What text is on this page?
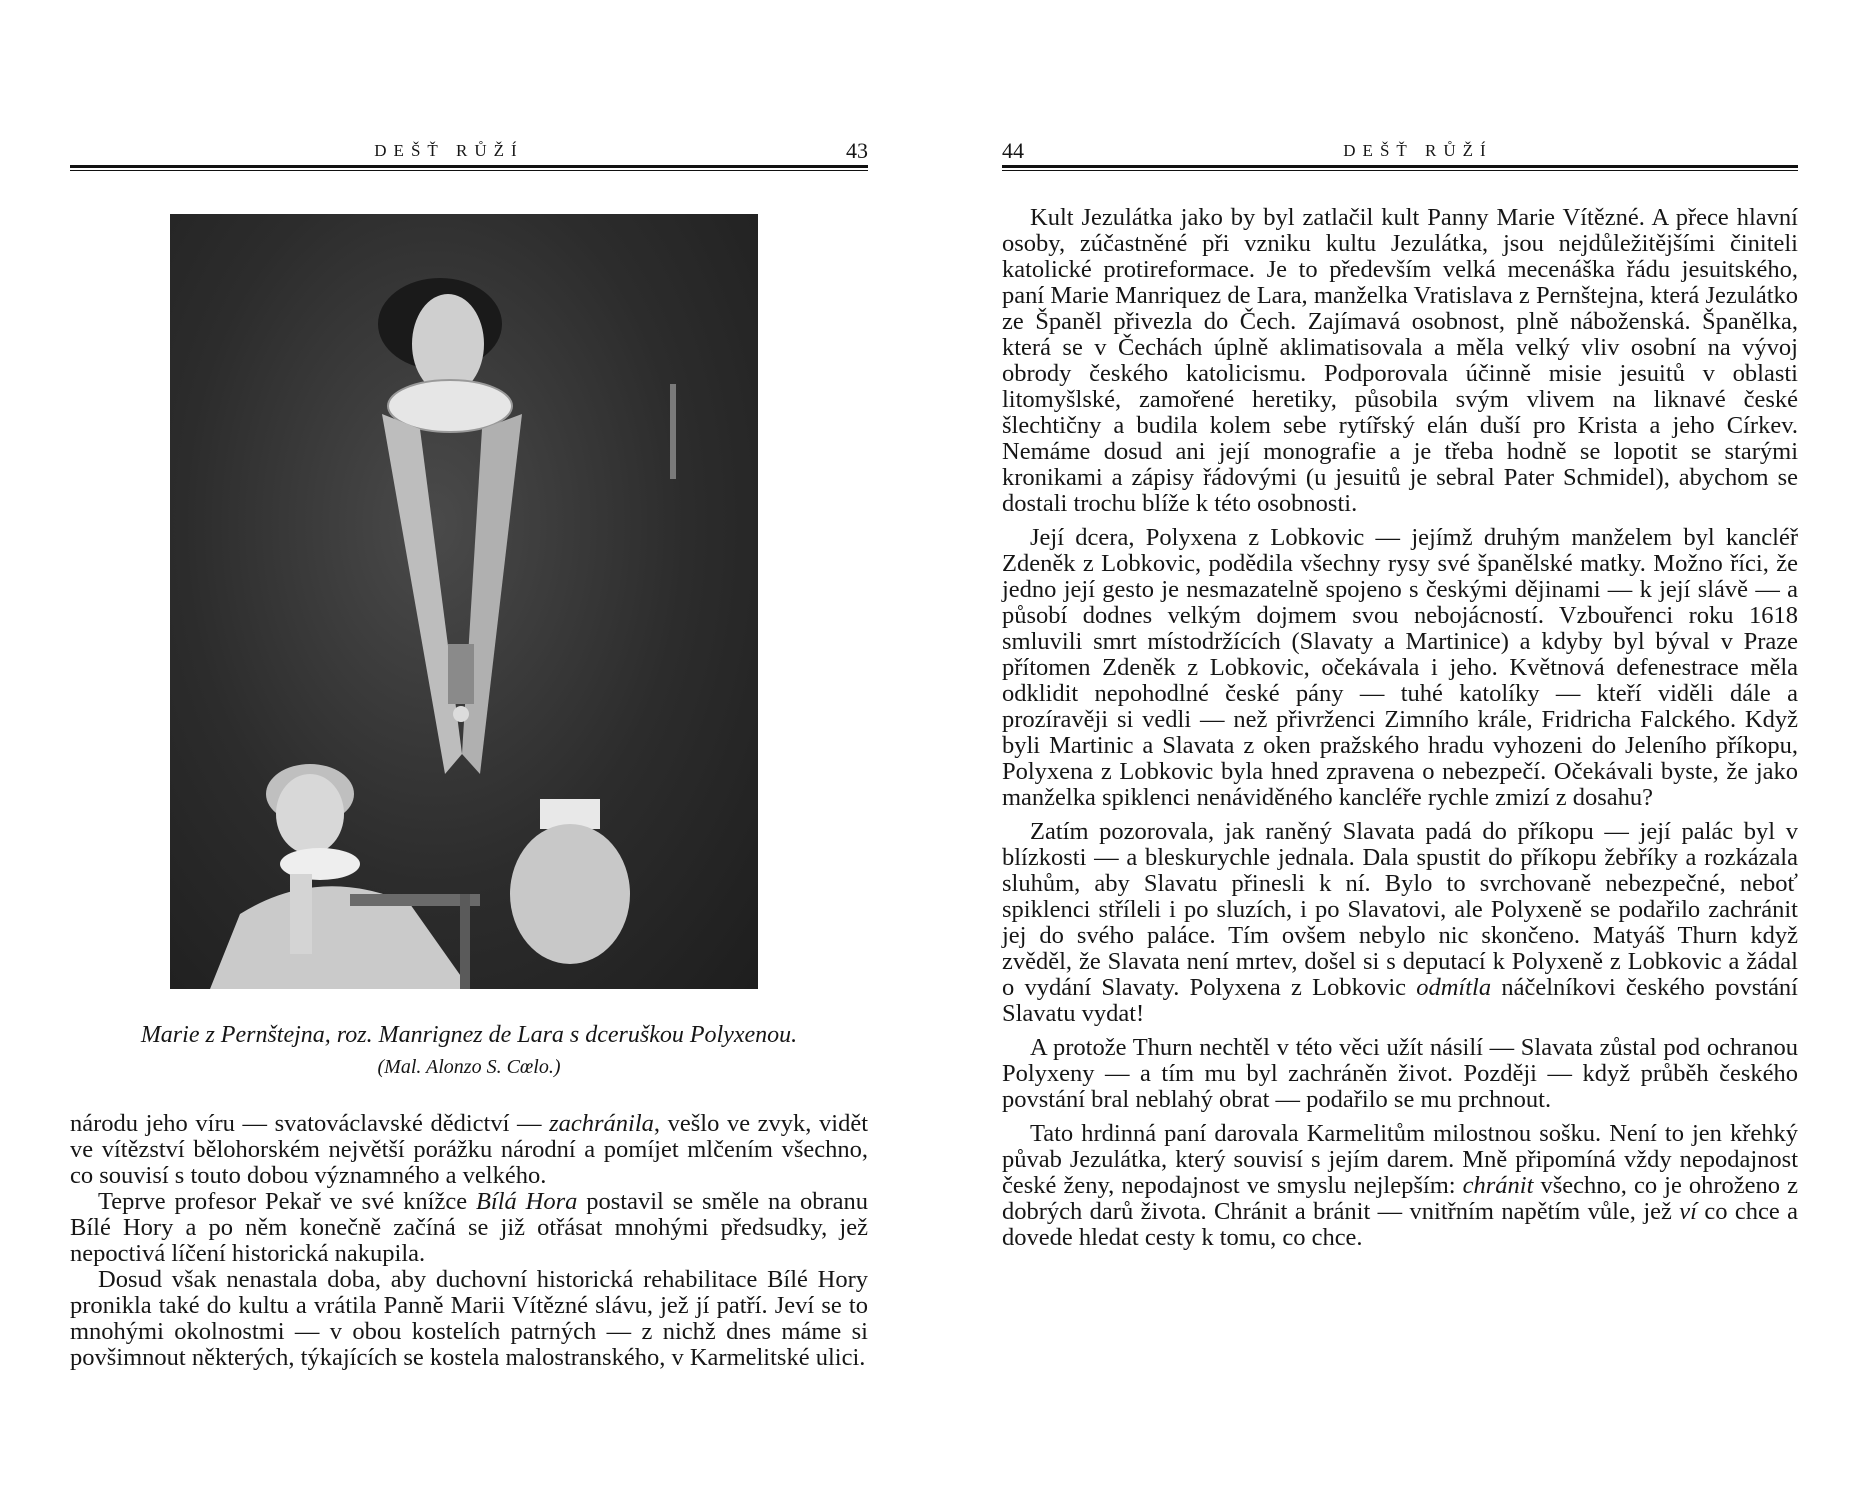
DEŠŤ RŮŽÍ	43
Marie z Pernštejna, roz. Manrignez de Lara s dceruškou Polyxenou.
(Mal. Alonzo S. Cœlo.)

národu jeho víru — svatováclavské dědictví — zachránila, vešlo ve zvyk, vidět ve vítězství bělohorském největší porážku národní a pomíjet mlčením všechno, co souvisí s touto dobou významného a velkého.

Teprve profesor Pekař ve své knížce Bílá Hora postavil se směle na obranu Bílé Hory a po něm konečně začíná se již otřásat mnohými předsudky, jež nepoctivá líčení historická nakupila.

Dosud však nenastala doba, aby duchovní historická rehabilitace Bílé Hory pronikla také do kultu a vrátila Panně Marii Vítězné slávu, jež jí patří. Jeví se to mnohými okolnostmi — v obou kostelích patrných — z nichž dnes máme si povšimnout některých, týkajících se kostela malostranského, v Karmelitské ulici.

44	DEŠŤ RŮŽÍ

Kult Jezulátka jako by byl zatlačil kult Panny Marie Vítězné. A přece hlavní osoby, zúčastněné při vzniku kultu Jezulátka, jsou nejdůležitějšími činiteli katolické protireformace. Je to především velká mecenáška řádu jesuitského, paní Marie Manriquez de Lara, manželka Vratislava z Pernštejna, která Jezulátko ze Španěl přivezla do Čech. Zajímavá osobnost, plně náboženská. Španělka, která se v Čechách úplně aklimatisovala a měla velký vliv osobní na vývoj obrody českého katolicismu. Podporovala účinně misie jesuitů v oblasti litomyšlské, zamořené heretiky, působila svým vlivem na liknavé české šlechtičny a budila kolem sebe rytířský elán duší pro Krista a jeho Církev. Nemáme dosud ani její monografie a je třeba hodně se lopotit se starými kronikami a zápisy řádovými (u jesuitů je sebral Pater Schmidel), abychom se dostali trochu blíže k této osobnosti.

Její dcera, Polyxena z Lobkovic — jejímž druhým manželem byl kancléř Zdeněk z Lobkovic, podědila všechny rysy své španělské matky. Možno říci, že jedno její gesto je nesmazatelně spojeno s českými dějinami — k její slávě — a působí dodnes velkým dojmem svou nebojácností. Vzbouřenci roku 1618 smluvili smrt místodržících (Slavaty a Martinice) a kdyby byl býval v Praze přítomen Zdeněk z Lobkovic, očekávala i jeho. Květnová defenestrace měla odklidit nepohodlné české pány — tuhé katolíky — kteří viděli dále a prozíravěji si vedli — než přivrženci Zimního krále, Fridricha Falckého. Když byli Martinic a Slavata z oken pražského hradu vyhozeni do Jeleního příkopu, Polyxena z Lobkovic byla hned zpravena o nebezpečí. Očekávali byste, že jako manželka spiklenci nenáviděného kancléře rychle zmizí z dosahu?

Zatím pozorovala, jak raněný Slavata padá do příkopu — její palác byl v blízkosti — a bleskurychle jednala. Dala spustit do příkopu žebříky a rozkázala sluhům, aby Slavatu přinesli k ní. Bylo to svrchovaně nebezpečné, neboť spiklenci stříleli i po sluzích, i po Slavatovi, ale Polyxeně se podařilo zachránit jej do svého paláce. Tím ovšem nebylo nic skončeno. Matyáš Thurn když zvěděl, že Slavata není mrtev, došel si s deputací k Polyxeně z Lobkovic a žádal o vydání Slavaty. Polyxena z Lobkovic odmítla náčelníkovi českého povstání Slavatu vydat!

A protože Thurn nechtěl v této věci užít násilí — Slavata zůstal pod ochranou Polyxeny — a tím mu byl zachráněn život. Později — když průběh českého povstání bral neblahý obrat — podařilo se mu prchnout.

Tato hrdinná paní darovala Karmelitům milostnou sošku. Není to jen křehký půvab Jezulátka, který souvisí s jejím darem. Mně připomíná vždy nepodajnost české ženy, nepodajnost ve smyslu nejlepším: chránit všechno, co je ohroženo z dobrých darů života. Chránit a bránit — vnitřním napětím vůle, jež ví co chce a dovede hledat cesty k tomu, co chce.
